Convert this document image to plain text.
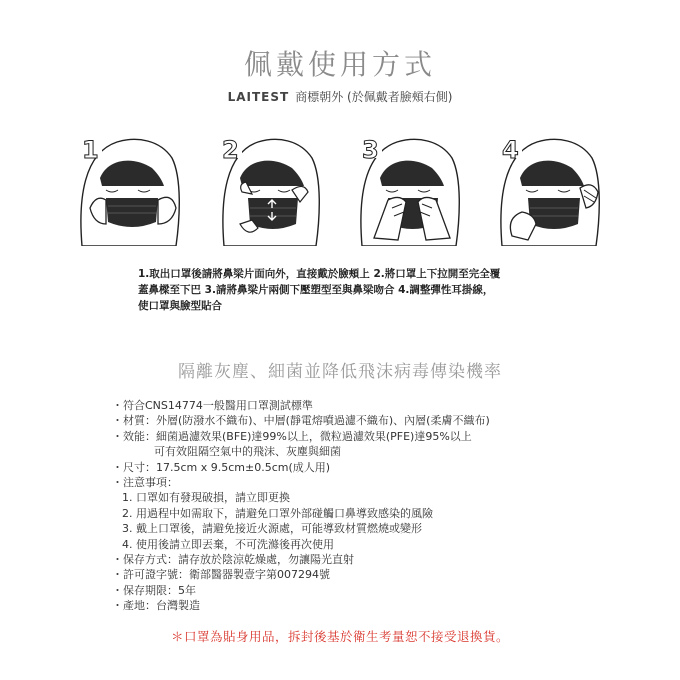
佩戴使用方式
LAITEST 商標朝外 (於佩戴者臉頰右側)
1	2	3	4
1.取出口罩後請將鼻梁片面向外，直接戴於臉頰上 2.將口罩上下拉開至完全覆
蓋鼻樑至下巴 3.請將鼻梁片兩側下壓塑型至與鼻梁吻合 4.調整彈性耳掛線，
使口罩與臉型貼合
隔離灰塵、細菌並降低飛沫病毒傳染機率
・符合CNS14774一般醫用口罩測試標準
・材質：外層(防潑水不織布)、中層(靜電熔噴過濾不織布)、內層(柔膚不織布)
・效能：細菌過濾效果(BFE)達99%以上，微粒過濾效果(PFE)達95%以上
可有效阻隔空氣中的飛沫、灰塵與細菌
・尺寸：17.5cm x 9.5cm±0.5cm(成人用)
・注意事項：
1. 口罩如有發現破損，請立即更換
2. 用過程中如需取下，請避免口罩外部碰觸口鼻導致感染的風險
3. 戴上口罩後，請避免接近火源處，可能導致材質燃燒或變形
4. 使用後請立即丟棄，不可洗滌後再次使用
・保存方式：請存放於陰涼乾燥處，勿讓陽光直射
・許可證字號：衛部醫器製壹字第007294號
・保存期限：5年
・產地：台灣製造
＊口罩為貼身用品，拆封後基於衛生考量恕不接受退換貨。
